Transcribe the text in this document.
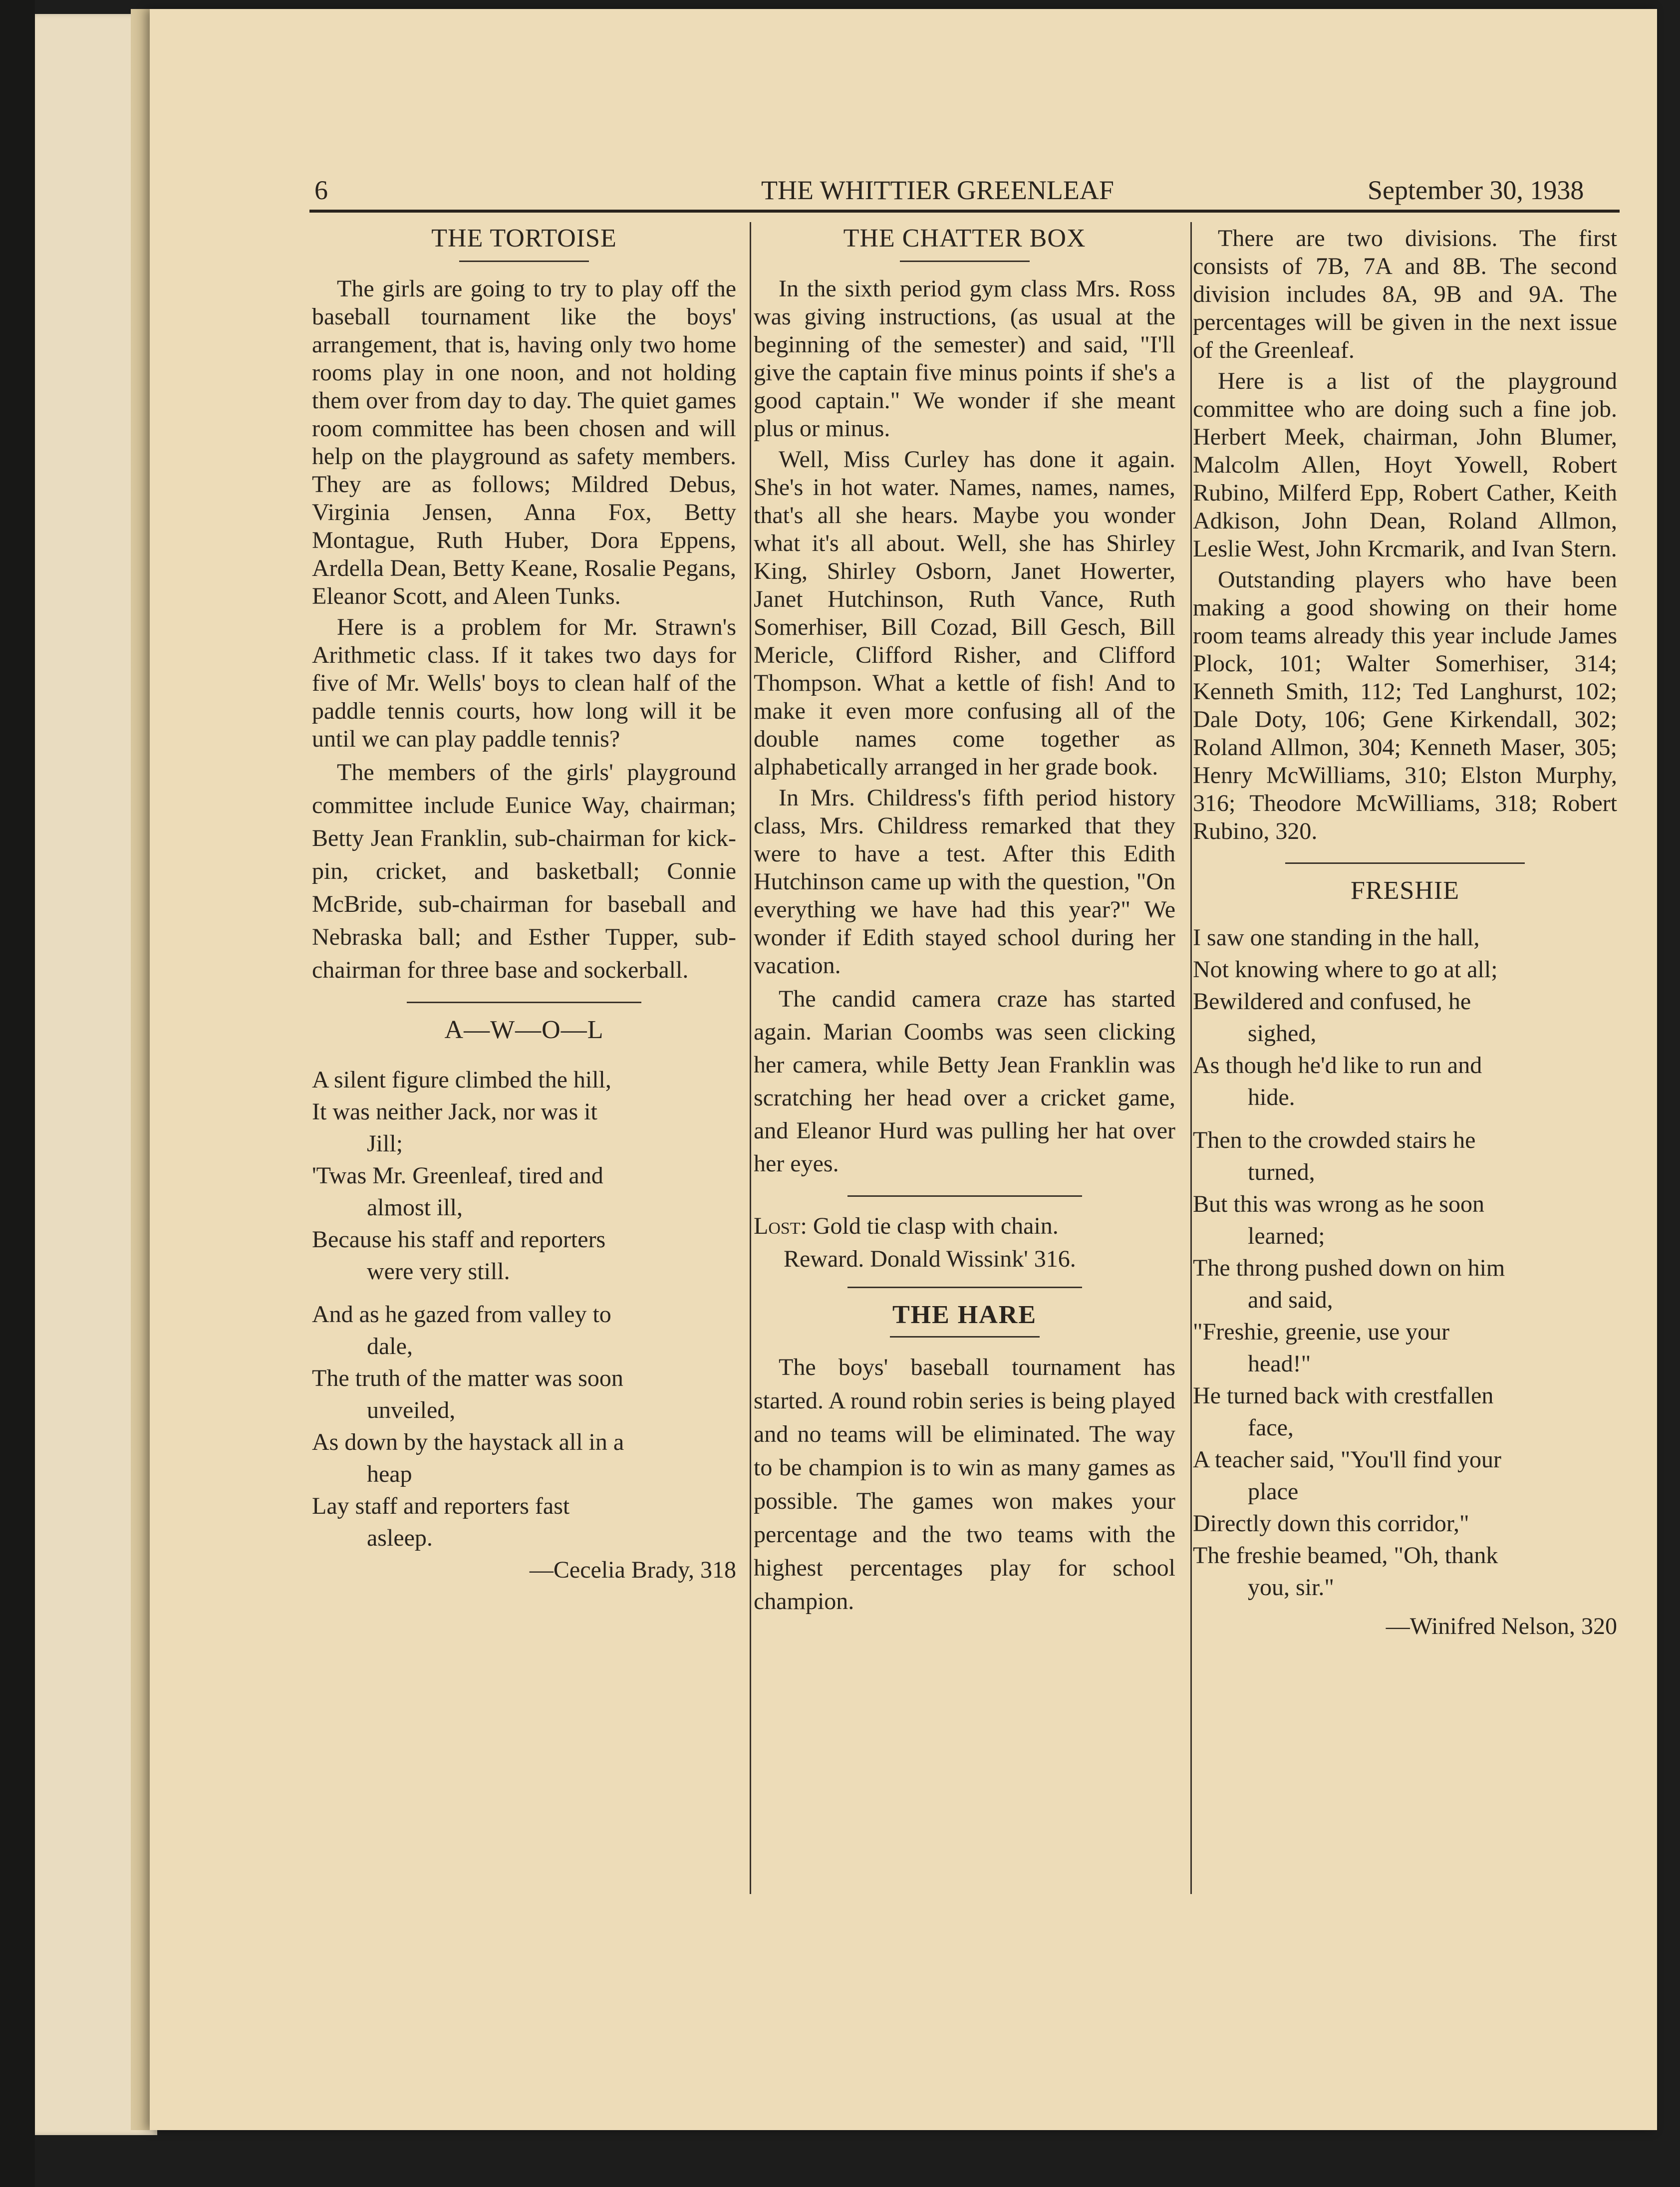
6	THE WHITTIER GREENLEAF	September 30, 1938
THE TORTOISE

The girls are going to try to play off the baseball tournament like the boys' arrangement, that is, having only two home rooms play in one noon, and not holding them over from day to day. The quiet games room committee has been chosen and will help on the playground as safety members. They are as follows; Mildred Debus, Virginia Jensen, Anna Fox, Betty Montague, Ruth Huber, Dora Eppens, Ardella Dean, Betty Keane, Rosalie Pegans, Eleanor Scott, and Aleen Tunks.

Here is a problem for Mr. Strawn's Arithmetic class. If it takes two days for five of Mr. Wells' boys to clean half of the paddle tennis courts, how long will it be until we can play paddle tennis?

The members of the girls' playground committee include Eunice Way, chairman; Betty Jean Franklin, sub-chairman for kick-pin, cricket, and basketball; Connie McBride, sub-chairman for baseball and Nebraska ball; and Esther Tupper, sub-chairman for three base and sockerball.

A—W—O—L
A silent figure climbed the hill,
It was neither Jack, nor was it
Jill;
'Twas Mr. Greenleaf, tired and
almost ill,
Because his staff and reporters
were very still.
And as he gazed from valley to
dale,
The truth of the matter was soon
unveiled,
As down by the haystack all in a
heap
Lay staff and reporters fast
asleep.
—Cecelia Brady, 318
THE CHATTER BOX

In the sixth period gym class Mrs. Ross was giving instructions, (as usual at the beginning of the semester) and said, "I'll give the captain five minus points if she's a good captain." We wonder if she meant plus or minus.

Well, Miss Curley has done it again. She's in hot water. Names, names, names, that's all she hears. Maybe you wonder what it's all about. Well, she has Shirley King, Shirley Osborn, Janet Howerter, Janet Hutchinson, Ruth Vance, Ruth Somerhiser, Bill Cozad, Bill Gesch, Bill Mericle, Clifford Risher, and Clifford Thompson. What a kettle of fish! And to make it even more confusing all of the double names come together as alphabetically arranged in her grade book.

In Mrs. Childress's fifth period history class, Mrs. Childress remarked that they were to have a test. After this Edith Hutchinson came up with the question, "On everything we have had this year?" We wonder if Edith stayed school during her vacation.

The candid camera craze has started again. Marian Coombs was seen clicking her camera, while Betty Jean Franklin was scratching her head over a cricket game, and Eleanor Hurd was pulling her hat over her eyes.

Lost: Gold tie clasp with chain.
Reward. Donald Wissink' 316.
THE HARE

The boys' baseball tournament has started. A round robin series is being played and no teams will be eliminated. The way to be champion is to win as many games as possible. The games won makes your percentage and the two teams with the highest percentages play for school champion.

There are two divisions. The first consists of 7B, 7A and 8B. The second division includes 8A, 9B and 9A. The percentages will be given in the next issue of the Greenleaf.

Here is a list of the playground committee who are doing such a fine job. Herbert Meek, chairman, John Blumer, Malcolm Allen, Hoyt Yowell, Robert Rubino, Milferd Epp, Robert Cather, Keith Adkison, John Dean, Roland Allmon, Leslie West, John Krcmarik, and Ivan Stern.

Outstanding players who have been making a good showing on their home room teams already this year include James Plock, 101; Walter Somerhiser, 314; Kenneth Smith, 112; Ted Langhurst, 102; Dale Doty, 106; Gene Kirkendall, 302; Roland Allmon, 304; Kenneth Maser, 305; Henry McWilliams, 310; Elston Murphy, 316; Theodore McWilliams, 318; Robert Rubino, 320.

FRESHIE
I saw one standing in the hall,
Not knowing where to go at all;
Bewildered and confused, he
sighed,
As though he'd like to run and
hide.
Then to the crowded stairs he
turned,
But this was wrong as he soon
learned;
The throng pushed down on him
and said,
"Freshie, greenie, use your
head!"
He turned back with crestfallen
face,
A teacher said, "You'll find your
place
Directly down this corridor,"
The freshie beamed, "Oh, thank
you, sir."
—Winifred Nelson, 320
